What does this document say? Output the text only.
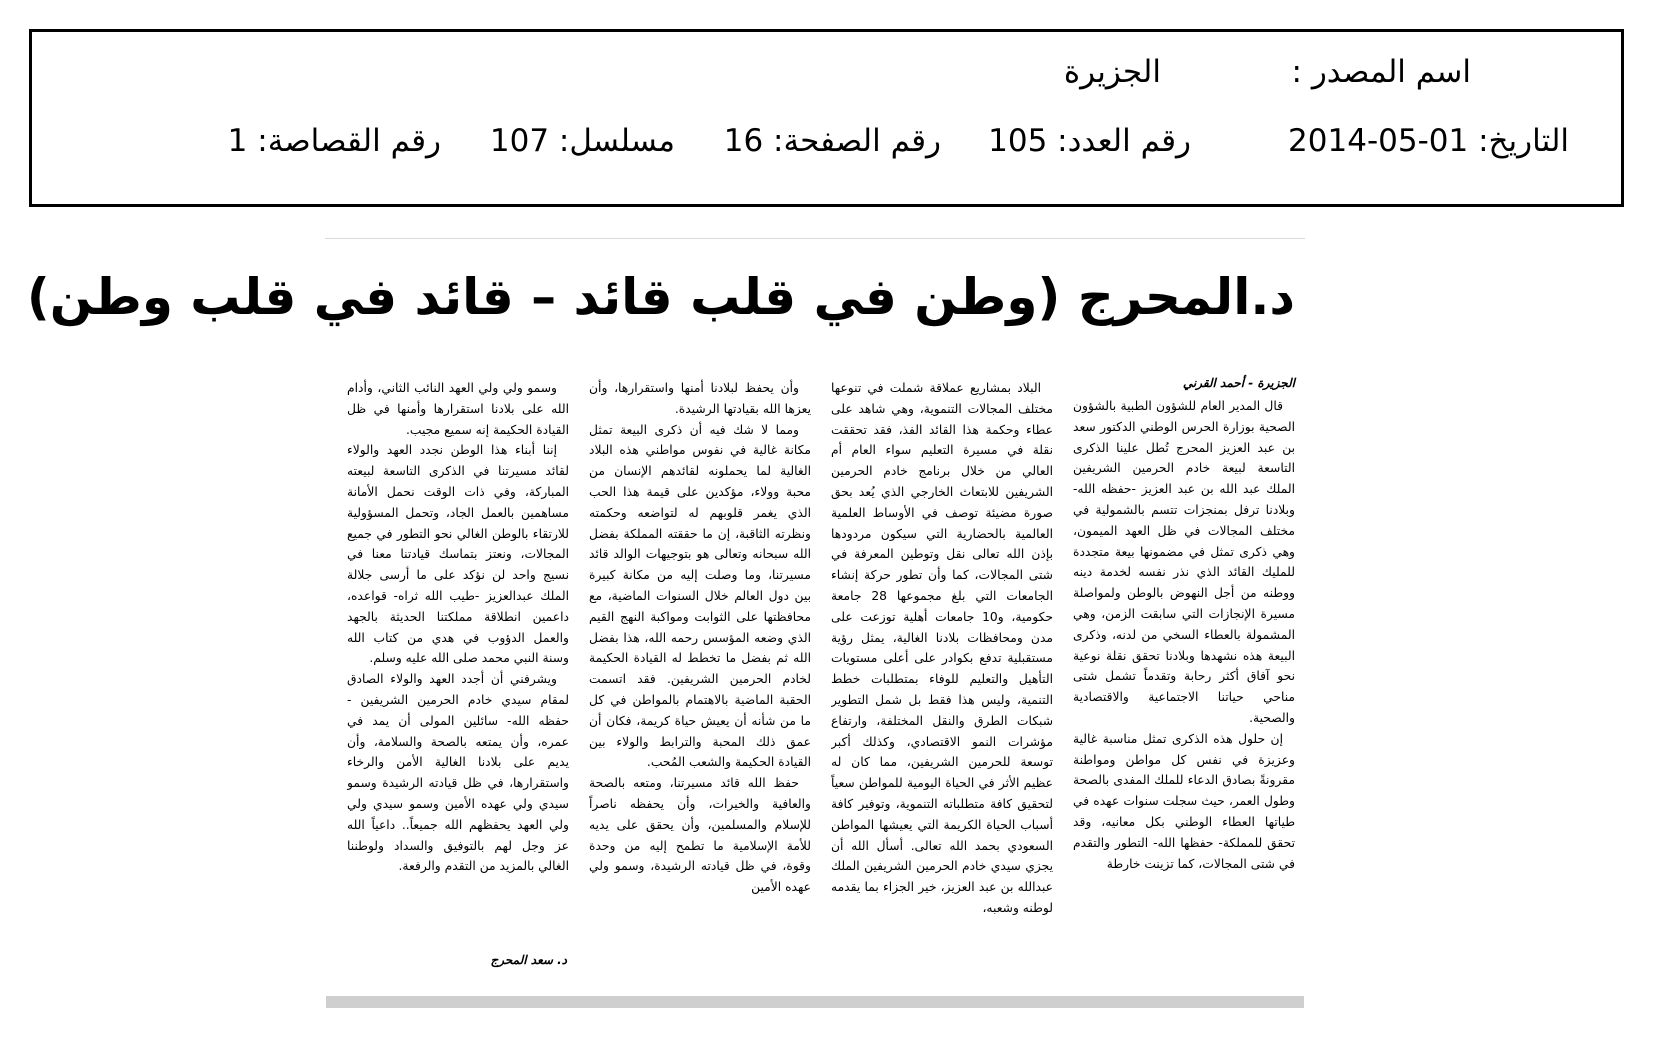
اسم المصدر :
الجزيرة
التاريخ: 01-05-2014
رقم العدد: 105
رقم الصفحة: 16
مسلسل: 107
رقم القصاصة: 1
د.المحرج (وطن في قلب قائد – قائد في قلب وطن)
الجزيرة - أحمد القرني

قال المدير العام للشؤون الطبية بالشؤون الصحية بوزارة الحرس الوطني الدكتور سعد بن عبد العزيز المحرج تُطل علينا الذكرى التاسعة لبيعة خادم الحرمين الشريفين الملك عبد الله بن عبد العزيز -حفظه الله- وبلادنا ترفل بمنجزات تتسم بالشمولية في مختلف المجالات في ظل العهد الميمون، وهي ذكرى تمثل في مضمونها بيعة متجددة للمليك القائد الذي نذر نفسه لخدمة دينه ووطنه من أجل النهوض بالوطن ولمواصلة مسيرة الإنجازات التي سابقت الزمن، وهي المشمولة بالعطاء السخي من لدنه، وذكرى البيعة هذه نشهدها وبلادنا تحقق نقلة نوعية نحو آفاق أكثر رحابة وتقدماً تشمل شتى مناحي حياتنا الاجتماعية والاقتصادية والصحية.

إن حلول هذه الذكرى تمثل مناسبة غالية وعزيزة في نفس كل مواطن ومواطنة مقرونةً بصادق الدعاء للملك المفدى بالصحة وطول العمر، حيث سجلت سنوات عهده في طياتها العطاء الوطني بكل معانيه، وقد تحقق للمملكة- حفظها الله- التطور والتقدم في شتى المجالات، كما تزينت خارطة

البلاد بمشاريع عملاقة شملت في تنوعها مختلف المجالات التنموية، وهي شاهد على عطاء وحكمة هذا القائد الفذ، فقد تحققت نقلة في مسيرة التعليم سواء العام أم العالي من خلال برنامج خادم الحرمين الشريفين للابتعاث الخارجي الذي يُعد بحق صورة مضيئة توصف في الأوساط العلمية العالمية بالحضارية التي سيكون مردودها بإذن الله تعالى نقل وتوطين المعرفة في شتى المجالات، كما وأن تطور حركة إنشاء الجامعات التي بلغ مجموعها 28 جامعة حكومية، و10 جامعات أهلية توزعت على مدن ومحافظات بلادنا الغالية، يمثل رؤية مستقبلية تدفع بكوادر على أعلى مستويات التأهيل والتعليم للوفاء بمتطلبات خطط التنمية، وليس هذا فقط بل شمل التطوير شبكات الطرق والنقل المختلفة، وارتفاع مؤشرات النمو الاقتصادي، وكذلك أكبر توسعة للحرمين الشريفين، مما كان له عظيم الأثر في الحياة اليومية للمواطن سعياً لتحقيق كافة متطلباته التنموية، وتوفير كافة أسباب الحياة الكريمة التي يعيشها المواطن السعودي بحمد الله تعالى. أسأل الله أن يجزي سيدي خادم الحرمين الشريفين الملك عبدالله بن عبد العزيز، خير الجزاء بما يقدمه لوطنه وشعبه،

وأن يحفظ لبلادنا أمنها واستقرارها، وأن يعزها الله بقيادتها الرشيدة.

ومما لا شك فيه أن ذكرى البيعة تمثل مكانة غالية في نفوس مواطني هذه البلاد الغالية لما يحملونه لقائدهم الإنسان من محبة وولاء، مؤكدين على قيمة هذا الحب الذي يغمر قلوبهم له لتواضعه وحكمته ونظرته الثاقبة، إن ما حققته المملكة بفضل الله سبحانه وتعالى هو بتوجيهات الوالد قائد مسيرتنا، وما وصلت إليه من مكانة كبيرة بين دول العالم خلال السنوات الماضية، مع محافظتها على الثوابت ومواكبة النهج القيم الذي وضعه المؤسس رحمه الله، هذا بفضل الله ثم بفضل ما تخطط له القيادة الحكيمة لخادم الحرمين الشريفين. فقد اتسمت الحقبة الماضية بالاهتمام بالمواطن في كل ما من شأنه أن يعيش حياة كريمة، فكان أن عمق ذلك المحبة والترابط والولاء بين القيادة الحكيمة والشعب المُحب.

حفظ الله قائد مسيرتنا، ومتعه بالصحة والعافية والخيرات، وأن يحفظه ناصراً للإسلام والمسلمين، وأن يحقق على يديه للأمة الإسلامية ما تطمح إليه من وحدة وقوة، في ظل قيادته الرشيدة، وسمو ولي عهده الأمين

وسمو ولي ولي العهد النائب الثاني، وأدام الله على بلادنا استقرارها وأمنها في ظل القيادة الحكيمة إنه سميع مجيب.

إننا أبناء هذا الوطن نجدد العهد والولاء لقائد مسيرتنا في الذكرى التاسعة لبيعته المباركة، وفي ذات الوقت نحمل الأمانة مساهمين بالعمل الجاد، وتحمل المسؤولية للارتقاء بالوطن الغالي نحو التطور في جميع المجالات، ونعتز بتماسك قيادتنا معنا في نسيج واحد لن نؤكد على ما أرسى جلالة الملك عبدالعزيز -طيب الله ثراه- قواعده، داعمين انطلاقة مملكتنا الحديثة بالجهد والعمل الدؤوب في هدي من كتاب الله وسنة النبي محمد صلى الله عليه وسلم.

ويشرفني أن أجدد العهد والولاء الصادق لمقام سيدي خادم الحرمين الشريفين - حفظه الله- سائلين المولى أن يمد في عمره، وأن يمتعه بالصحة والسلامة، وأن يديم على بلادنا الغالية الأمن والرخاء واستقرارها، في ظل قيادته الرشيدة وسمو سيدي ولي عهده الأمين وسمو سيدي ولي ولي العهد يحفظهم الله جميعاً.. داعياً الله عز وجل لهم بالتوفيق والسداد ولوطننا الغالي بالمزيد من التقدم والرفعة.

د. سعد المحرج
